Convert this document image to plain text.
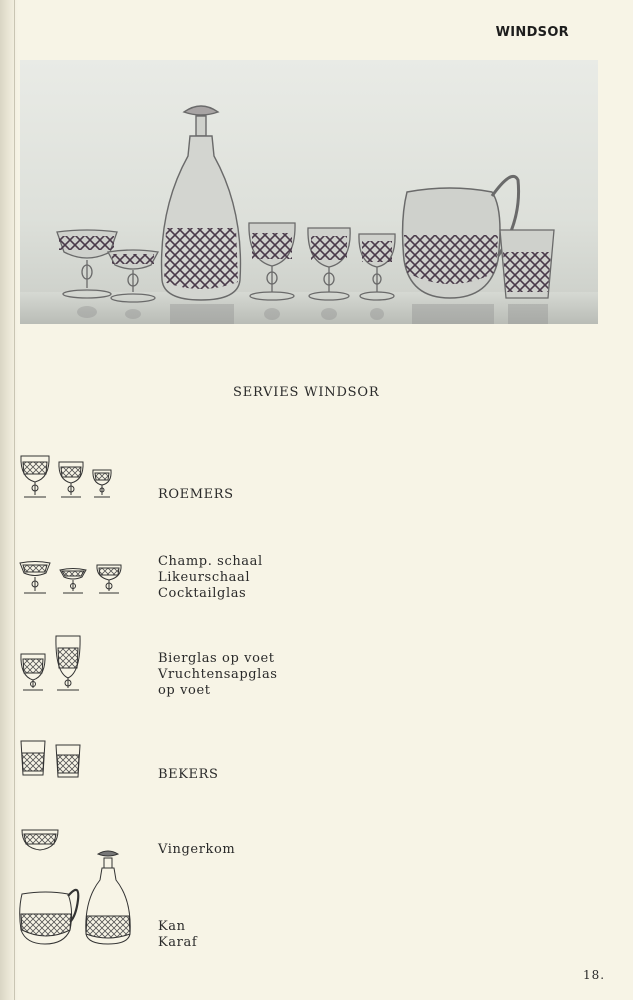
WINDSOR
SERVIES WINDSOR
ROEMERS
Champ. schaal
Likeurschaal
Cocktailglas
Bierglas op voet
Vruchtensapglas
op voet
BEKERS
Vingerkom
Kan
Karaf
18.
